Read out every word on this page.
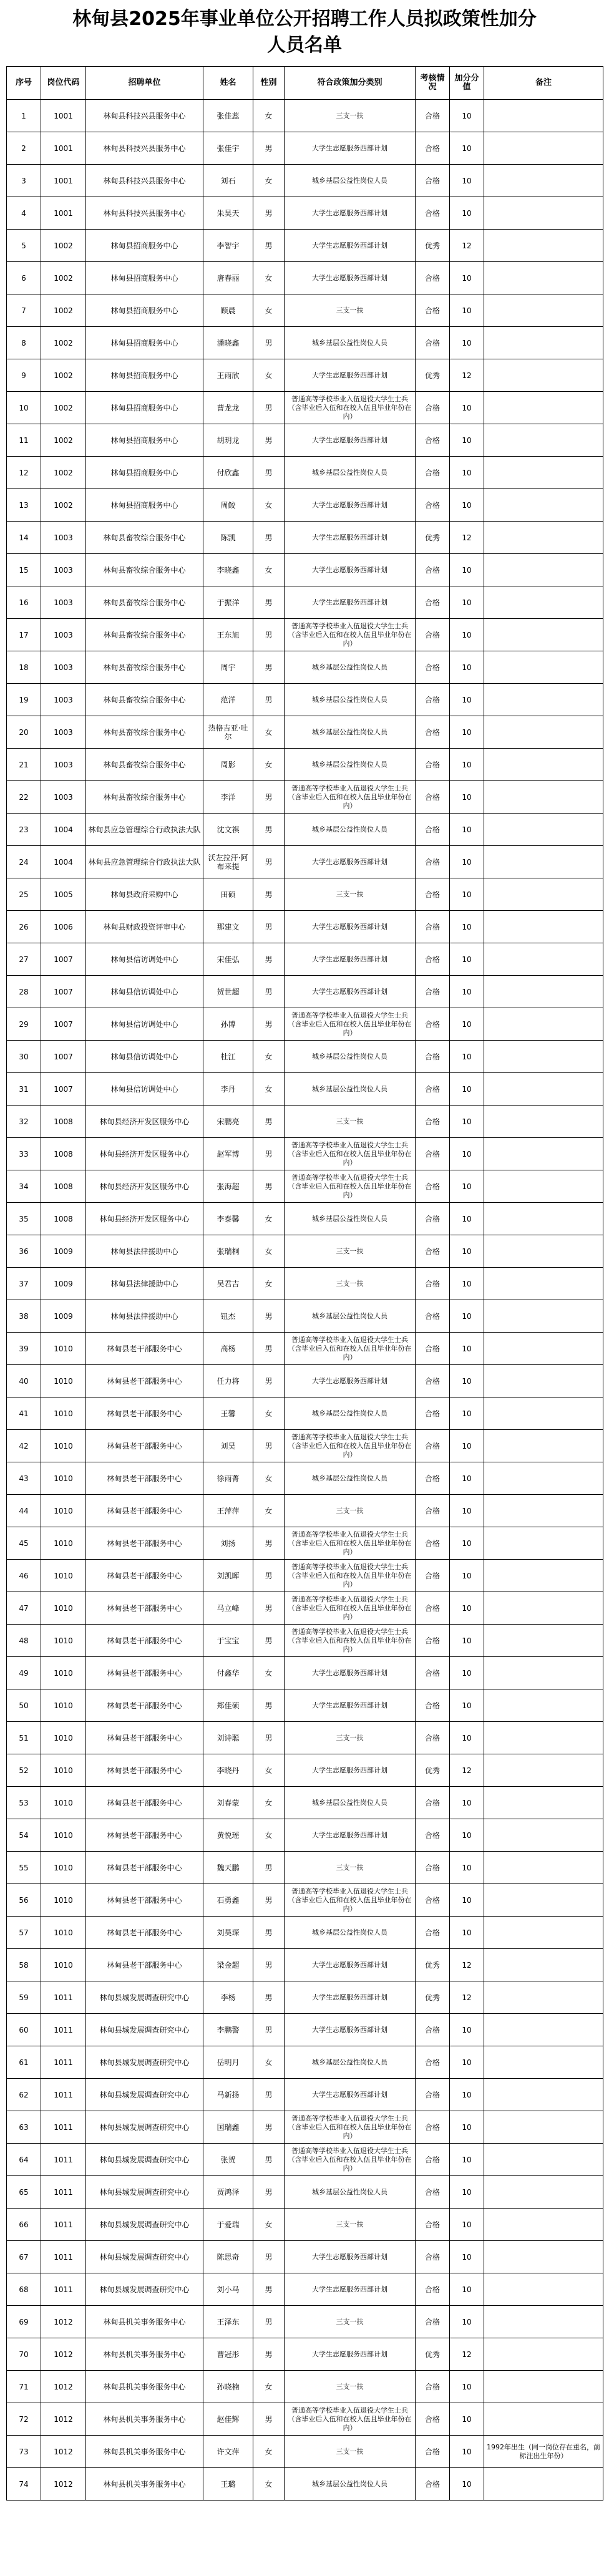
林甸县2025年事业单位公开招聘工作人员拟政策性加分人员名单
序号	岗位代码	招聘单位	姓名	性别	符合政策加分类别	考核情况	加分分值	备注
1	1001	林甸县科技兴县服务中心	张佳蕊	女	三支一扶	合格	10	
2	1001	林甸县科技兴县服务中心	张佳宇	男	大学生志愿服务西部计划	合格	10	
3	1001	林甸县科技兴县服务中心	刘石	女	城乡基层公益性岗位人员	合格	10	
4	1001	林甸县科技兴县服务中心	朱昊天	男	大学生志愿服务西部计划	合格	10	
5	1002	林甸县招商服务中心	李智宇	男	大学生志愿服务西部计划	优秀	12	
6	1002	林甸县招商服务中心	唐春丽	女	大学生志愿服务西部计划	合格	10	
7	1002	林甸县招商服务中心	顾晨	女	三支一扶	合格	10	
8	1002	林甸县招商服务中心	潘晓鑫	男	城乡基层公益性岗位人员	合格	10	
9	1002	林甸县招商服务中心	王雨欣	女	大学生志愿服务西部计划	优秀	12	
10	1002	林甸县招商服务中心	曹龙龙	男	普通高等学校毕业入伍退役大学生士兵（含毕业后入伍和在校入伍且毕业年份在内）	合格	10	
11	1002	林甸县招商服务中心	胡玥龙	男	大学生志愿服务西部计划	合格	10	
12	1002	林甸县招商服务中心	付欣鑫	男	城乡基层公益性岗位人员	合格	10	
13	1002	林甸县招商服务中心	周鲛	女	大学生志愿服务西部计划	合格	10	
14	1003	林甸县畜牧综合服务中心	陈凯	男	大学生志愿服务西部计划	优秀	12	
15	1003	林甸县畜牧综合服务中心	李晓鑫	女	大学生志愿服务西部计划	合格	10	
16	1003	林甸县畜牧综合服务中心	于振洋	男	大学生志愿服务西部计划	合格	10	
17	1003	林甸县畜牧综合服务中心	王东旭	男	普通高等学校毕业入伍退役大学生士兵（含毕业后入伍和在校入伍且毕业年份在内）	合格	10	
18	1003	林甸县畜牧综合服务中心	周宇	男	城乡基层公益性岗位人员	合格	10	
19	1003	林甸县畜牧综合服务中心	范洋	男	城乡基层公益性岗位人员	合格	10	
20	1003	林甸县畜牧综合服务中心	热格吉亚·吐尔	女	城乡基层公益性岗位人员	合格	10	
21	1003	林甸县畜牧综合服务中心	周影	女	城乡基层公益性岗位人员	合格	10	
22	1003	林甸县畜牧综合服务中心	李洋	男	普通高等学校毕业入伍退役大学生士兵（含毕业后入伍和在校入伍且毕业年份在内）	合格	10	
23	1004	林甸县应急管理综合行政执法大队	沈文祺	男	城乡基层公益性岗位人员	合格	10	
24	1004	林甸县应急管理综合行政执法大队	沃左拉汗·阿布来提	男	大学生志愿服务西部计划	合格	10	
25	1005	林甸县政府采购中心	田硕	男	三支一扶	合格	10	
26	1006	林甸县财政投资评审中心	那建文	男	大学生志愿服务西部计划	合格	10	
27	1007	林甸县信访调处中心	宋佳弘	男	大学生志愿服务西部计划	合格	10	
28	1007	林甸县信访调处中心	贺世超	男	大学生志愿服务西部计划	合格	10	
29	1007	林甸县信访调处中心	孙博	男	普通高等学校毕业入伍退役大学生士兵（含毕业后入伍和在校入伍且毕业年份在内）	合格	10	
30	1007	林甸县信访调处中心	杜江	女	城乡基层公益性岗位人员	合格	10	
31	1007	林甸县信访调处中心	李丹	女	城乡基层公益性岗位人员	合格	10	
32	1008	林甸县经济开发区服务中心	宋鹏亮	男	三支一扶	合格	10	
33	1008	林甸县经济开发区服务中心	赵军博	男	普通高等学校毕业入伍退役大学生士兵（含毕业后入伍和在校入伍且毕业年份在内）	合格	10	
34	1008	林甸县经济开发区服务中心	张海超	男	普通高等学校毕业入伍退役大学生士兵（含毕业后入伍和在校入伍且毕业年份在内）	合格	10	
35	1008	林甸县经济开发区服务中心	李泰馨	女	城乡基层公益性岗位人员	合格	10	
36	1009	林甸县法律援助中心	张瑞桐	女	三支一扶	合格	10	
37	1009	林甸县法律援助中心	吴君吉	女	三支一扶	合格	10	
38	1009	林甸县法律援助中心	钮杰	男	城乡基层公益性岗位人员	合格	10	
39	1010	林甸县老干部服务中心	高杨	男	普通高等学校毕业入伍退役大学生士兵（含毕业后入伍和在校入伍且毕业年份在内）	合格	10	
40	1010	林甸县老干部服务中心	任力将	男	大学生志愿服务西部计划	合格	10	
41	1010	林甸县老干部服务中心	王馨	女	城乡基层公益性岗位人员	合格	10	
42	1010	林甸县老干部服务中心	刘昊	男	普通高等学校毕业入伍退役大学生士兵（含毕业后入伍和在校入伍且毕业年份在内）	合格	10	
43	1010	林甸县老干部服务中心	徐雨菁	女	城乡基层公益性岗位人员	合格	10	
44	1010	林甸县老干部服务中心	王萍萍	女	三支一扶	合格	10	
45	1010	林甸县老干部服务中心	刘扬	男	普通高等学校毕业入伍退役大学生士兵（含毕业后入伍和在校入伍且毕业年份在内）	合格	10	
46	1010	林甸县老干部服务中心	刘凯晖	男	普通高等学校毕业入伍退役大学生士兵（含毕业后入伍和在校入伍且毕业年份在内）	合格	10	
47	1010	林甸县老干部服务中心	马立峰	男	普通高等学校毕业入伍退役大学生士兵（含毕业后入伍和在校入伍且毕业年份在内）	合格	10	
48	1010	林甸县老干部服务中心	于宝宝	男	普通高等学校毕业入伍退役大学生士兵（含毕业后入伍和在校入伍且毕业年份在内）	合格	10	
49	1010	林甸县老干部服务中心	付鑫华	女	大学生志愿服务西部计划	合格	10	
50	1010	林甸县老干部服务中心	郑佳硕	男	大学生志愿服务西部计划	合格	10	
51	1010	林甸县老干部服务中心	刘诗聪	男	三支一扶	合格	10	
52	1010	林甸县老干部服务中心	李晓丹	女	大学生志愿服务西部计划	优秀	12	
53	1010	林甸县老干部服务中心	刘春蒙	女	城乡基层公益性岗位人员	合格	10	
54	1010	林甸县老干部服务中心	黄悦瑶	女	大学生志愿服务西部计划	合格	10	
55	1010	林甸县老干部服务中心	魏天鹏	男	三支一扶	合格	10	
56	1010	林甸县老干部服务中心	石勇鑫	男	普通高等学校毕业入伍退役大学生士兵（含毕业后入伍和在校入伍且毕业年份在内）	合格	10	
57	1010	林甸县老干部服务中心	刘昊琛	男	城乡基层公益性岗位人员	合格	10	
58	1010	林甸县老干部服务中心	梁金超	男	大学生志愿服务西部计划	优秀	12	
59	1011	林甸县城发展调查研究中心	李杨	男	大学生志愿服务西部计划	优秀	12	
60	1011	林甸县城发展调查研究中心	李鹏警	男	大学生志愿服务西部计划	合格	10	
61	1011	林甸县城发展调查研究中心	岳明月	女	城乡基层公益性岗位人员	合格	10	
62	1011	林甸县城发展调查研究中心	马新扬	男	大学生志愿服务西部计划	合格	10	
63	1011	林甸县城发展调查研究中心	国瑞鑫	男	普通高等学校毕业入伍退役大学生士兵（含毕业后入伍和在校入伍且毕业年份在内）	合格	10	
64	1011	林甸县城发展调查研究中心	张贺	男	普通高等学校毕业入伍退役大学生士兵（含毕业后入伍和在校入伍且毕业年份在内）	合格	10	
65	1011	林甸县城发展调查研究中心	贾鸿泽	男	城乡基层公益性岗位人员	合格	10	
66	1011	林甸县城发展调查研究中心	于爱瑞	女	三支一扶	合格	10	
67	1011	林甸县城发展调查研究中心	陈思奇	男	大学生志愿服务西部计划	合格	10	
68	1011	林甸县城发展调查研究中心	刘小马	男	大学生志愿服务西部计划	合格	10	
69	1012	林甸县机关事务服务中心	王泽东	男	三支一扶	合格	10	
70	1012	林甸县机关事务服务中心	曹冠彤	男	大学生志愿服务西部计划	优秀	12	
71	1012	林甸县机关事务服务中心	孙晓楠	女	三支一扶	合格	10	
72	1012	林甸县机关事务服务中心	赵佳辉	男	普通高等学校毕业入伍退役大学生士兵（含毕业后入伍和在校入伍且毕业年份在内）	合格	10	
73	1012	林甸县机关事务服务中心	许文萍	女	三支一扶	合格	10	1992年出生（同一岗位存在重名，前标注出生年份）
74	1012	林甸县机关事务服务中心	王璐	女	城乡基层公益性岗位人员	合格	10	
